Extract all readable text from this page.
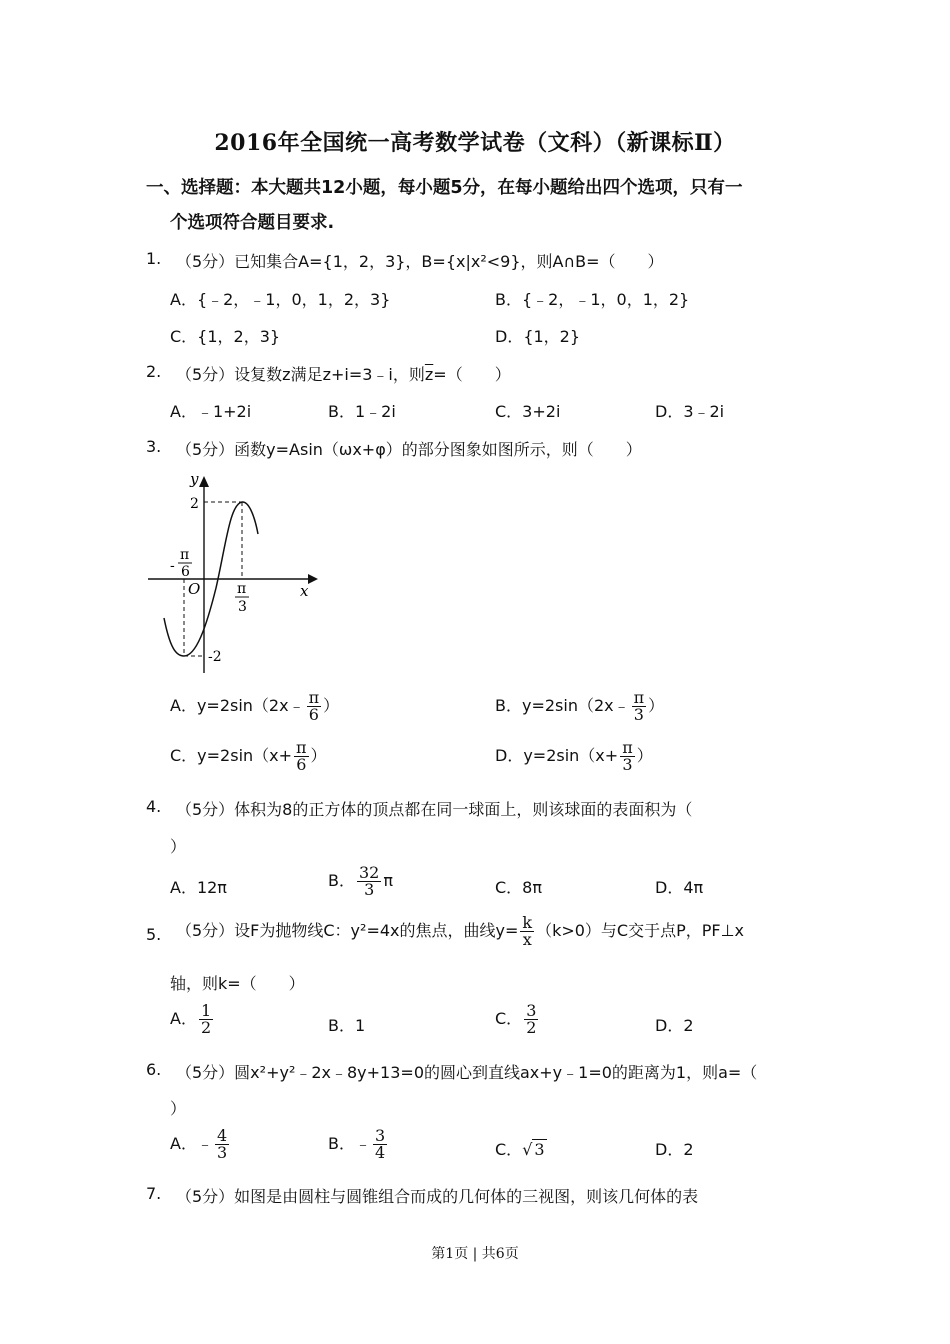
2016年全国统一高考数学试卷（文科）（新课标Ⅱ）
一、选择题：本大题共12小题，每小题5分，在每小题给出四个选项，只有一
个选项符合题目要求.
1. （5分）已知集合A={1，2，3}，B={x|x²<9}，则A∩B=（　　）
A．{﹣2，﹣1，0，1，2，3}	B．{﹣2，﹣1，0，1，2}
C．{1，2，3}	D．{1，2}
2. （5分）设复数z满足z+i=3﹣i，则$\overline{z}=$（　　）
A．﹣1+2i	B．1﹣2i	C．3+2i	D．3﹣2i
3. （5分）函数y=Asin（ωx+φ）的部分图象如图所示，则（　　）
y
x
O
2
-2
-
π
6
π
3
A．y=2sin（2x﹣ $\frac{\pi}{6}$ ）	B．y=2sin（2x﹣ $\frac{\pi}{3}$ ）
C．$y=2\sin(x+ \frac{\pi}{6}$ ）	D．$y=2\sin(x+ \frac{\pi}{3}$ ）
4. （5分）体积为8的正方体的顶点都在同一球面上，则该球面的表面积为（
）
A．12π	B． $\frac{32}{3}$ π	C．8π	D．4π
5. （5分）设F为抛物线C：y²=4x的焦点，曲线$y= \frac{k}{x} (k>0)$与C交于点P，PF⊥x
轴，则k=（　　）
A． $\frac{1}{2}$	B．1	C． $\frac{3}{2}$	D．2
6. （5分）圆x²+y²﹣2x﹣8y+13=0的圆心到直线ax+y﹣1=0的距离为1，则a=（
）
A．﹣ $\frac{4}{3}$	B．﹣ $\frac{3}{4}$	C．√ 3	D．2
7. （5分）如图是由圆柱与圆锥组合而成的几何体的三视图，则该几何体的表
第1页 | 共6页
